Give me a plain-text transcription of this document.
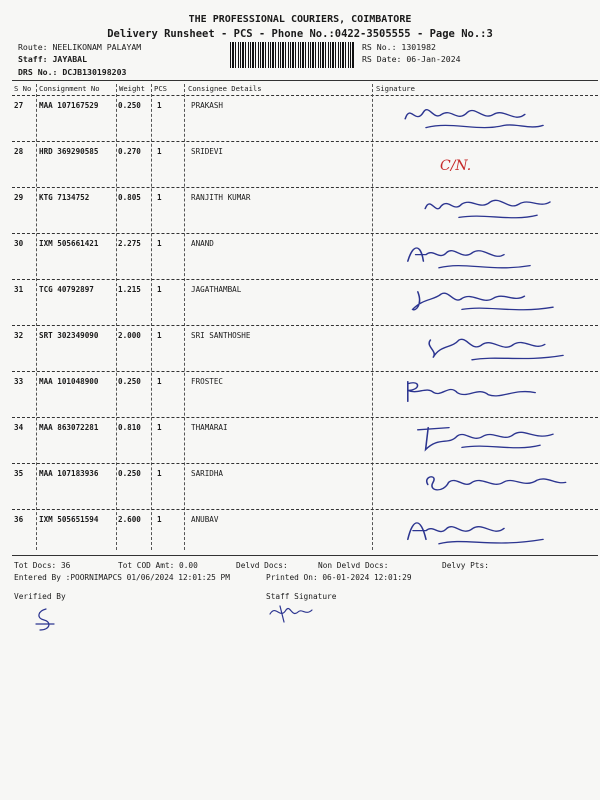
THE PROFESSIONAL COURIERS, COIMBATORE
Delivery Runsheet - PCS - Phone No.:0422-3505555 - Page No.:3
Route: NEELIKONAM PALAYAM
Staff: JAYABAL
DRS No.: DCJB130198203
RS No.: 1301982
RS Date: 06-Jan-2024
S No Consignment No	Weight PCS	Consignee Details	Signature
27 MAA 107167529	0.250 1	PRAKASH
28 HRD 369290585	0.270 1	SRIDEVI
29 KTG 7134752	0.805 1	RANJITH KUMAR
30 IXM 505661421	2.275 1	ANAND
31 TCG 40792897	1.215 1	JAGATHAMBAL
32 SRT 302349090	2.000 1	SRI SANTHOSHE
33 MAA 101048900	0.250 1	FROSTEC
34 MAA 863072281	0.810 1	THAMARAI
35 MAA 107183936	0.250 1	SARIDHA
36 IXM 505651594	2.600 1	ANUBAV
C/N.
Tot Docs: 36	Tot COD Amt: 0.00	Delvd Docs:	Non Delvd Docs:	Delvy Pts:
Entered By :POORNIMAPCS 01/06/2024 12:01:25 PM	Printed On: 06-01-2024 12:01:29
Verified By	Staff Signature
